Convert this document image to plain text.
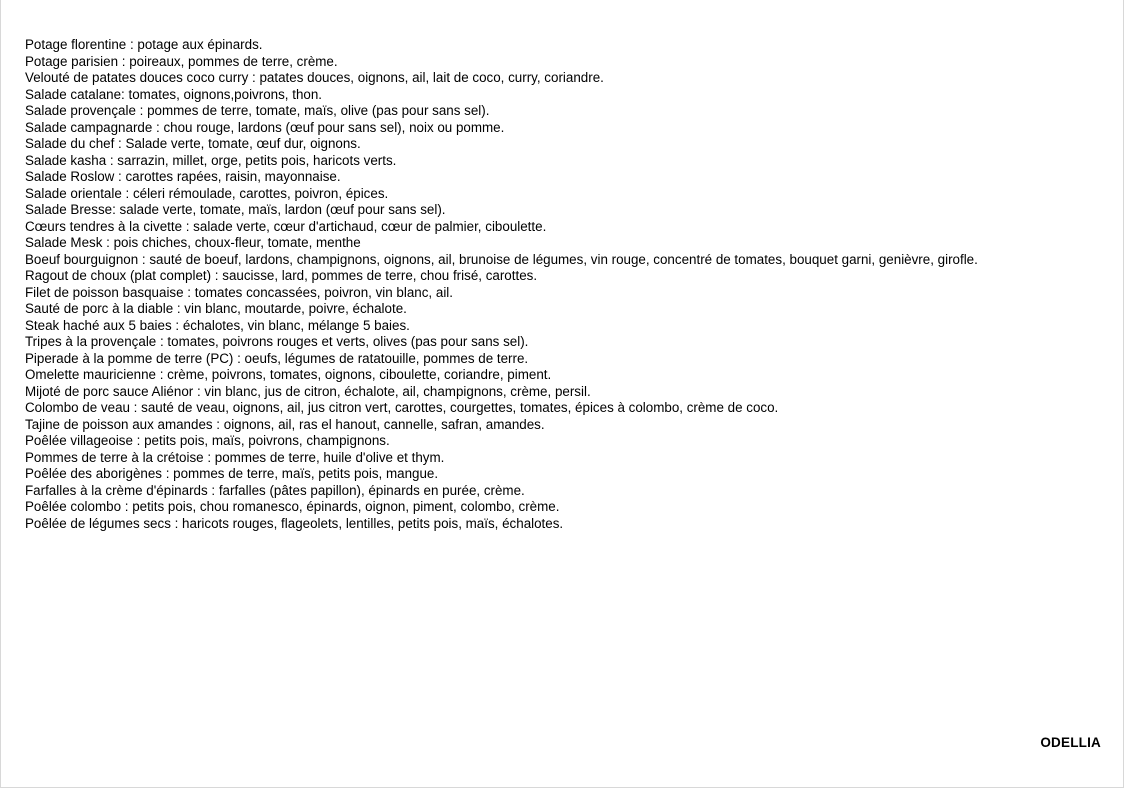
Potage florentine : potage aux épinards.
Potage parisien : poireaux, pommes de terre, crème.
Velouté de patates douces coco curry : patates douces, oignons, ail, lait de coco, curry, coriandre.
Salade catalane: tomates, oignons,poivrons, thon.
Salade provençale : pommes de terre, tomate, maïs, olive (pas pour sans sel).
Salade campagnarde : chou rouge, lardons (œuf pour sans sel), noix ou pomme.
Salade du chef : Salade verte, tomate, œuf dur, oignons.
Salade kasha : sarrazin, millet, orge, petits pois, haricots verts.
Salade Roslow : carottes rapées, raisin, mayonnaise.
Salade orientale : céleri rémoulade, carottes, poivron, épices.
Salade Bresse: salade verte, tomate, maïs, lardon (œuf pour sans sel).
Cœurs tendres à la civette : salade verte, cœur d'artichaud, cœur de palmier, ciboulette.
Salade Mesk : pois chiches, choux-fleur, tomate, menthe
Boeuf bourguignon : sauté de boeuf, lardons, champignons, oignons, ail, brunoise de légumes, vin rouge, concentré de tomates, bouquet garni, genièvre, girofle.
Ragout de choux (plat complet) : saucisse, lard, pommes de terre, chou frisé, carottes.
Filet de poisson basquaise : tomates concassées, poivron, vin blanc, ail.
Sauté de porc à la diable : vin blanc, moutarde, poivre, échalote.
Steak haché aux 5 baies : échalotes, vin blanc, mélange 5 baies.
Tripes à la provençale : tomates, poivrons rouges et verts, olives (pas pour sans sel).
Piperade à la pomme de terre (PC) : oeufs, légumes de ratatouille, pommes de terre.
Omelette mauricienne : crème, poivrons, tomates, oignons, ciboulette, coriandre, piment.
Mijoté de porc sauce Aliénor : vin blanc, jus de citron, échalote, ail, champignons, crème, persil.
Colombo de veau : sauté de veau, oignons, ail, jus citron vert, carottes, courgettes, tomates, épices à colombo, crème de coco.
Tajine de poisson aux amandes : oignons, ail, ras el hanout, cannelle, safran, amandes.
Poêlée villageoise : petits pois, maïs, poivrons, champignons.
Pommes de terre à la crétoise : pommes de terre, huile d'olive et thym.
Poêlée des aborigènes : pommes de terre, maïs, petits pois, mangue.
Farfalles à la crème d'épinards : farfalles (pâtes papillon), épinards en purée, crème.
Poêlée colombo : petits pois, chou romanesco, épinards, oignon, piment, colombo, crème.
Poêlée de légumes secs : haricots rouges, flageolets, lentilles, petits pois, maïs, échalotes.
ODELLIA
